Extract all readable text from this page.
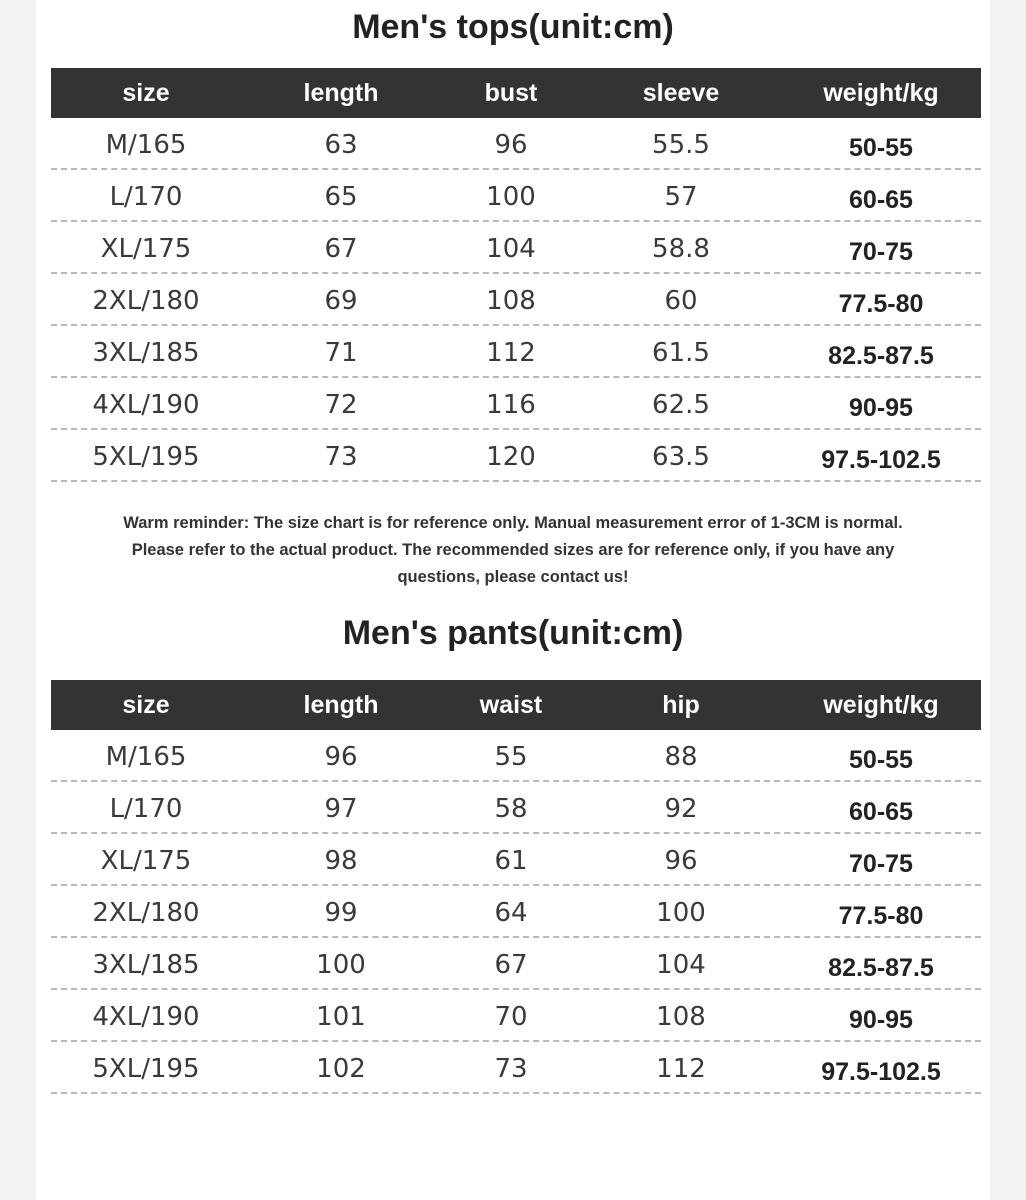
Men's tops(unit:cm)
size	length	bust	sleeve	weight/kg
M/165	63	96	55.5	50-55
L/170	65	100	57	60-65
XL/175	67	104	58.8	70-75
2XL/180	69	108	60	77.5-80
3XL/185	71	112	61.5	82.5-87.5
4XL/190	72	116	62.5	90-95
5XL/195	73	120	63.5	97.5-102.5
Warm reminder: The size chart is for reference only. Manual measurement error of 1-3CM is normal.
Please refer to the actual product. The recommended sizes are for reference only, if you have any
questions, please contact us!
Men's pants(unit:cm)
size	length	waist	hip	weight/kg
M/165	96	55	88	50-55
L/170	97	58	92	60-65
XL/175	98	61	96	70-75
2XL/180	99	64	100	77.5-80
3XL/185	100	67	104	82.5-87.5
4XL/190	101	70	108	90-95
5XL/195	102	73	112	97.5-102.5
